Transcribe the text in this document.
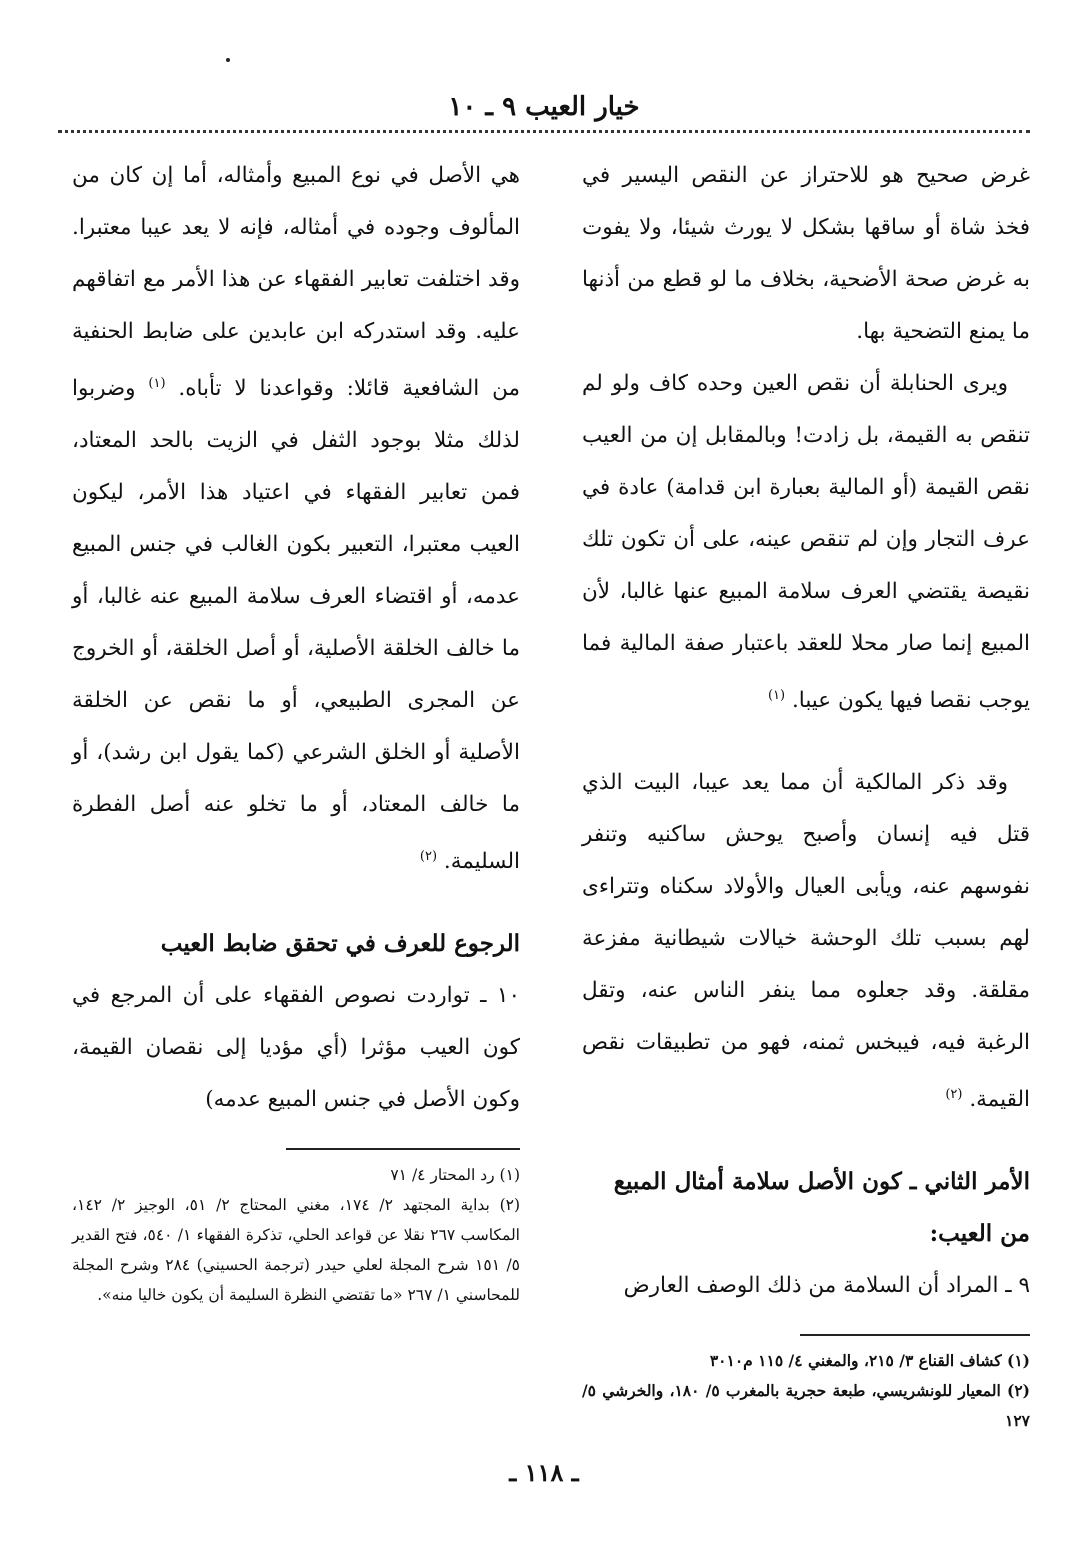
خيار العيب ٩ ـ ١٠

غرض صحيح هو للاحتراز عن النقص اليسير في فخذ شاة أو ساقها بشكل لا يورث شيئا، ولا يفوت به غرض صحة الأضحية، بخلاف ما لو قطع من أذنها ما يمنع التضحية بها.

ويرى الحنابلة أن نقص العين وحده كاف ولو لم تنقص به القيمة، بل زادت! وبالمقابل إن من العيب نقص القيمة (أو المالية بعبارة ابن قدامة) عادة في عرف التجار وإن لم تنقص عينه، على أن تكون تلك نقيصة يقتضي العرف سلامة المبيع عنها غالبا، لأن المبيع إنما صار محلا للعقد باعتبار صفة المالية فما يوجب نقصا فيها يكون عيبا. $^{(١)}$

وقد ذكر المالكية أن مما يعد عيبا، البيت الذي قتل فيه إنسان وأصبح يوحش ساكنيه وتنفر نفوسهم عنه، ويأبى العيال والأولاد سكناه وتتراءى لهم بسبب تلك الوحشة خيالات شيطانية مفزعة مقلقة. وقد جعلوه مما ينفر الناس عنه، وتقل الرغبة فيه، فيبخس ثمنه، فهو من تطبيقات نقص القيمة. $^{(٢)}$

الأمر الثاني ـ كون الأصل سلامة أمثال المبيع من العيب:

٩ ـ المراد أن السلامة من ذلك الوصف العارض

(١) كشاف القناع ٣/ ٢١٥، والمغني ٤/ ١١٥ م٣٠١٠

(٢) المعيار للونشريسي، طبعة حجرية بالمغرب ٥/ ١٨٠، والخرشي ٥/ ١٢٧

هي الأصل في نوع المبيع وأمثاله، أما إن كان من المألوف وجوده في أمثاله، فإنه لا يعد عيبا معتبرا. وقد اختلفت تعابير الفقهاء عن هذا الأمر مع اتفاقهم عليه. وقد استدركه ابن عابدين على ضابط الحنفية من الشافعية قائلا: وقواعدنا لا تأباه. $^{(١)}$ وضربوا لذلك مثلا بوجود الثفل في الزيت بالحد المعتاد، فمن تعابير الفقهاء في اعتياد هذا الأمر، ليكون العيب معتبرا، التعبير بكون الغالب في جنس المبيع عدمه، أو اقتضاء العرف سلامة المبيع عنه غالبا، أو ما خالف الخلقة الأصلية، أو أصل الخلقة، أو الخروج عن المجرى الطبيعي، أو ما نقص عن الخلقة الأصلية أو الخلق الشرعي (كما يقول ابن رشد)، أو ما خالف المعتاد، أو ما تخلو عنه أصل الفطرة السليمة. $^{(٢)}$

الرجوع للعرف في تحقق ضابط العيب

١٠ ـ تواردت نصوص الفقهاء على أن المرجع في كون العيب مؤثرا (أي مؤديا إلى نقصان القيمة، وكون الأصل في جنس المبيع عدمه)

(١) رد المحتار ٤/ ٧١

(٢) بداية المجتهد ٢/ ١٧٤، مغني المحتاج ٢/ ٥١، الوجيز ٢/ ١٤٢، المكاسب ٢٦٧ نقلا عن قواعد الحلي، تذكرة الفقهاء ١/ ٥٤٠، فتح القدير ٥/ ١٥١ شرح المجلة لعلي حيدر (ترجمة الحسيني) ٢٨٤ وشرح المجلة للمحاسني ١/ ٢٦٧ «ما تقتضي النظرة السليمة أن يكون خاليا منه».

ـ ١١٨ ـ
